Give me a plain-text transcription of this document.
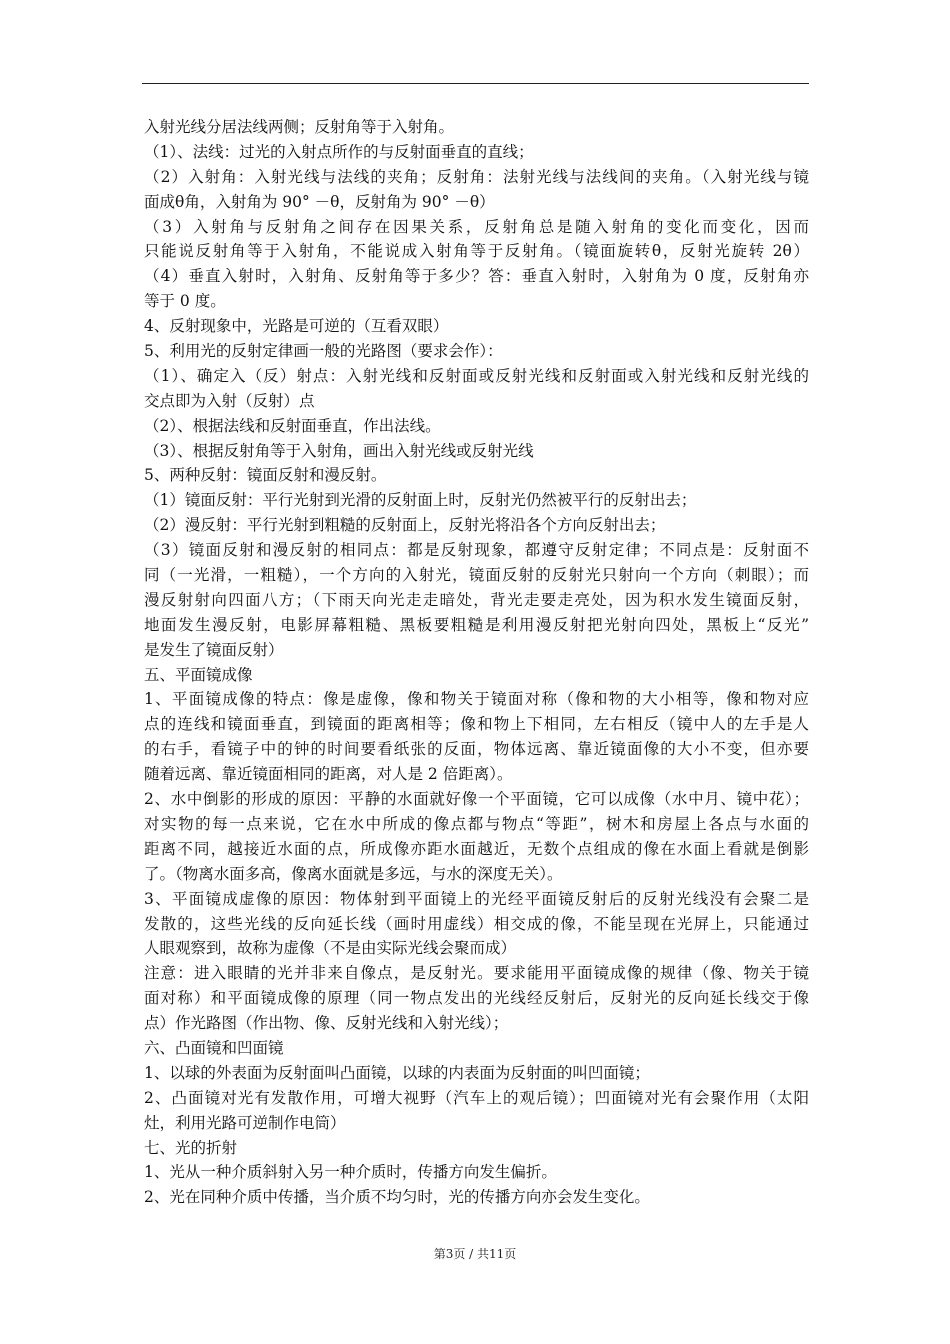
入射光线分居法线两侧；反射角等于入射角。
（1）、法线：过光的入射点所作的与反射面垂直的直线；
（2）入射角：入射光线与法线的夹角；反射角：法射光线与法线间的夹角。（入射光线与镜
面成θ角，入射角为 90° －θ，反射角为 90° －θ）
（3）入射角与反射角之间存在因果关系，反射角总是随入射角的变化而变化，因而
只能说反射角等于入射角，不能说成入射角等于反射角。（镜面旋转θ，反射光旋转 2θ）
（4）垂直入射时，入射角、反射角等于多少？答：垂直入射时，入射角为 0 度，反射角亦
等于 0 度。
4、反射现象中，光路是可逆的（互看双眼）
5、利用光的反射定律画一般的光路图（要求会作）：
（1）、确定入（反）射点：入射光线和反射面或反射光线和反射面或入射光线和反射光线的
交点即为入射（反射）点
（2）、根据法线和反射面垂直，作出法线。
（3）、根据反射角等于入射角，画出入射光线或反射光线
5、两种反射：镜面反射和漫反射。
（1）镜面反射：平行光射到光滑的反射面上时，反射光仍然被平行的反射出去；
（2）漫反射：平行光射到粗糙的反射面上，反射光将沿各个方向反射出去；
（3）镜面反射和漫反射的相同点：都是反射现象，都遵守反射定律；不同点是：反射面不
同（一光滑，一粗糙），一个方向的入射光，镜面反射的反射光只射向一个方向（刺眼）；而
漫反射射向四面八方；（下雨天向光走走暗处，背光走要走亮处，因为积水发生镜面反射，
地面发生漫反射，电影屏幕粗糙、黑板要粗糙是利用漫反射把光射向四处，黑板上“反光”
是发生了镜面反射）
五、平面镜成像
1、平面镜成像的特点：像是虚像，像和物关于镜面对称（像和物的大小相等，像和物对应
点的连线和镜面垂直，到镜面的距离相等；像和物上下相同，左右相反（镜中人的左手是人
的右手，看镜子中的钟的时间要看纸张的反面，物体远离、靠近镜面像的大小不变，但亦要
随着远离、靠近镜面相同的距离，对人是 2 倍距离）。
2、水中倒影的形成的原因：平静的水面就好像一个平面镜，它可以成像（水中月、镜中花）；
对实物的每一点来说，它在水中所成的像点都与物点“等距”，树木和房屋上各点与水面的
距离不同，越接近水面的点，所成像亦距水面越近，无数个点组成的像在水面上看就是倒影
了。（物离水面多高，像离水面就是多远，与水的深度无关）。
3、平面镜成虚像的原因：物体射到平面镜上的光经平面镜反射后的反射光线没有会聚二是
发散的，这些光线的反向延长线（画时用虚线）相交成的像，不能呈现在光屏上，只能通过
人眼观察到，故称为虚像（不是由实际光线会聚而成）
注意：进入眼睛的光并非来自像点，是反射光。要求能用平面镜成像的规律（像、物关于镜
面对称）和平面镜成像的原理（同一物点发出的光线经反射后，反射光的反向延长线交于像
点）作光路图（作出物、像、反射光线和入射光线）；
六、凸面镜和凹面镜
1、以球的外表面为反射面叫凸面镜，以球的内表面为反射面的叫凹面镜；
2、凸面镜对光有发散作用，可增大视野（汽车上的观后镜）；凹面镜对光有会聚作用（太阳
灶，利用光路可逆制作电筒）
七、光的折射
1、光从一种介质斜射入另一种介质时，传播方向发生偏折。
2、光在同种介质中传播，当介质不均匀时，光的传播方向亦会发生变化。
第3页 / 共11页
